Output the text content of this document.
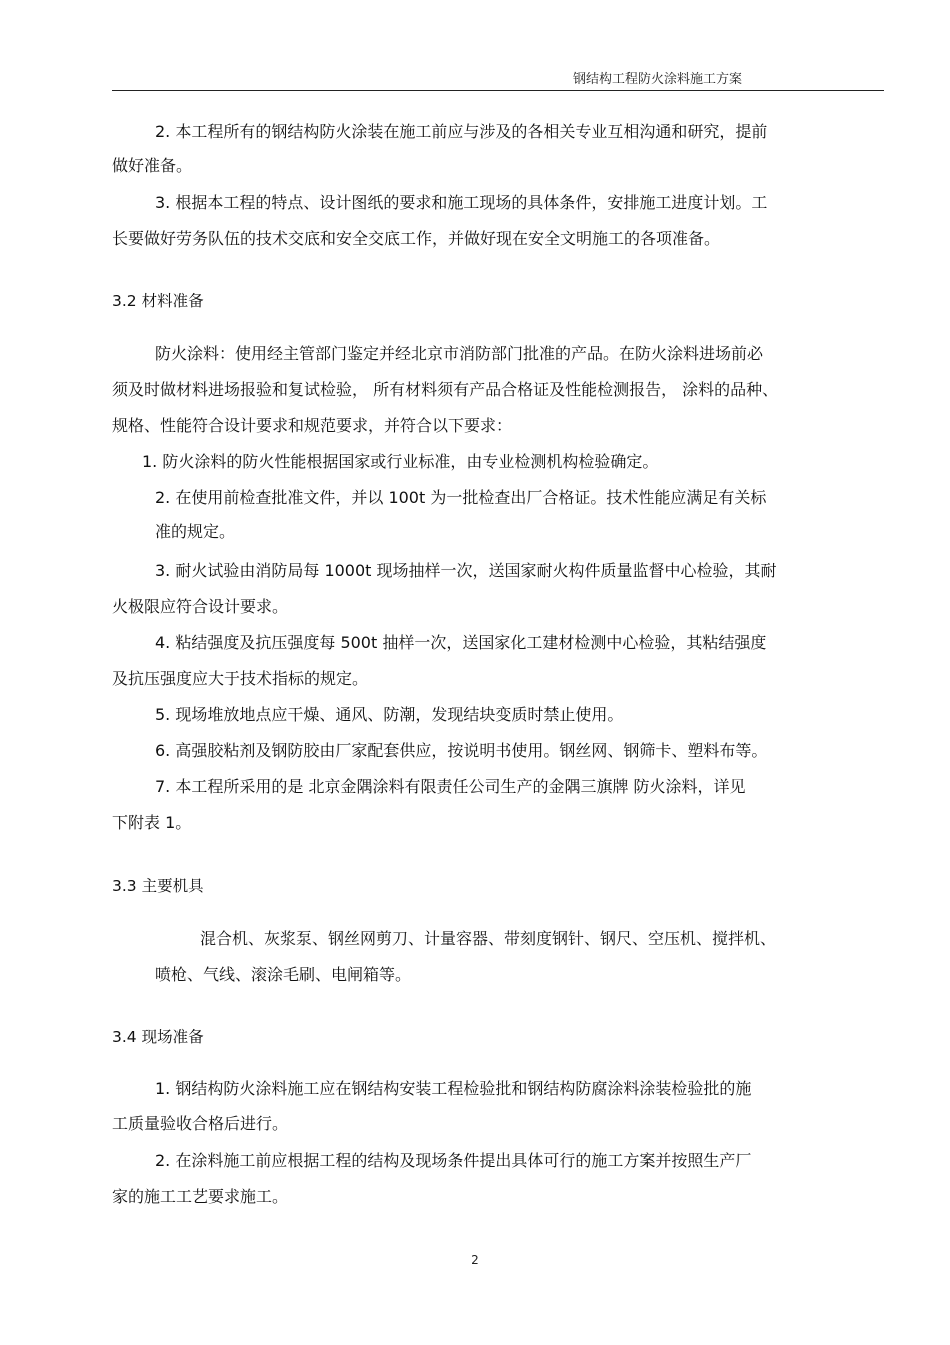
钢结构工程防火涂料施工方案
2. 本工程所有的钢结构防火涂装在施工前应与涉及的各相关专业互相沟通和研究，提前
做好准备。
3. 根据本工程的特点、设计图纸的要求和施工现场的具体条件，安排施工进度计划。工
长要做好劳务队伍的技术交底和安全交底工作，并做好现在安全文明施工的各项准备。
3.2 材料准备
防火涂料：使用经主管部门鉴定并经北京市消防部门批准的产品。在防火涂料进场前必
须及时做材料进场报验和复试检验， 所有材料须有产品合格证及性能检测报告， 涂料的品种、
规格、性能符合设计要求和规范要求，并符合以下要求：
1. 防火涂料的防火性能根据国家或行业标准，由专业检测机构检验确定。
2. 在使用前检查批准文件，并以 100t 为一批检查出厂合格证。技术性能应满足有关标
准的规定。
3. 耐火试验由消防局每 1000t 现场抽样一次，送国家耐火构件质量监督中心检验，其耐
火极限应符合设计要求。
4. 粘结强度及抗压强度每 500t 抽样一次，送国家化工建材检测中心检验，其粘结强度
及抗压强度应大于技术指标的规定。
5. 现场堆放地点应干燥、通风、防潮，发现结块变质时禁止使用。
6. 高强胶粘剂及钢防胶由厂家配套供应，按说明书使用。钢丝网、钢筛卡、塑料布等。
7. 本工程所采用的是 北京金隅涂料有限责任公司生产的金隅三旗牌 防火涂料，详见
下附表 1。
3.3 主要机具
混合机、灰浆泵、钢丝网剪刀、计量容器、带刻度钢针、钢尺、空压机、搅拌机、
喷枪、气线、滚涂毛刷、电闸箱等。
3.4 现场准备
1. 钢结构防火涂料施工应在钢结构安装工程检验批和钢结构防腐涂料涂装检验批的施
工质量验收合格后进行。
2. 在涂料施工前应根据工程的结构及现场条件提出具体可行的施工方案并按照生产厂
家的施工工艺要求施工。
2
